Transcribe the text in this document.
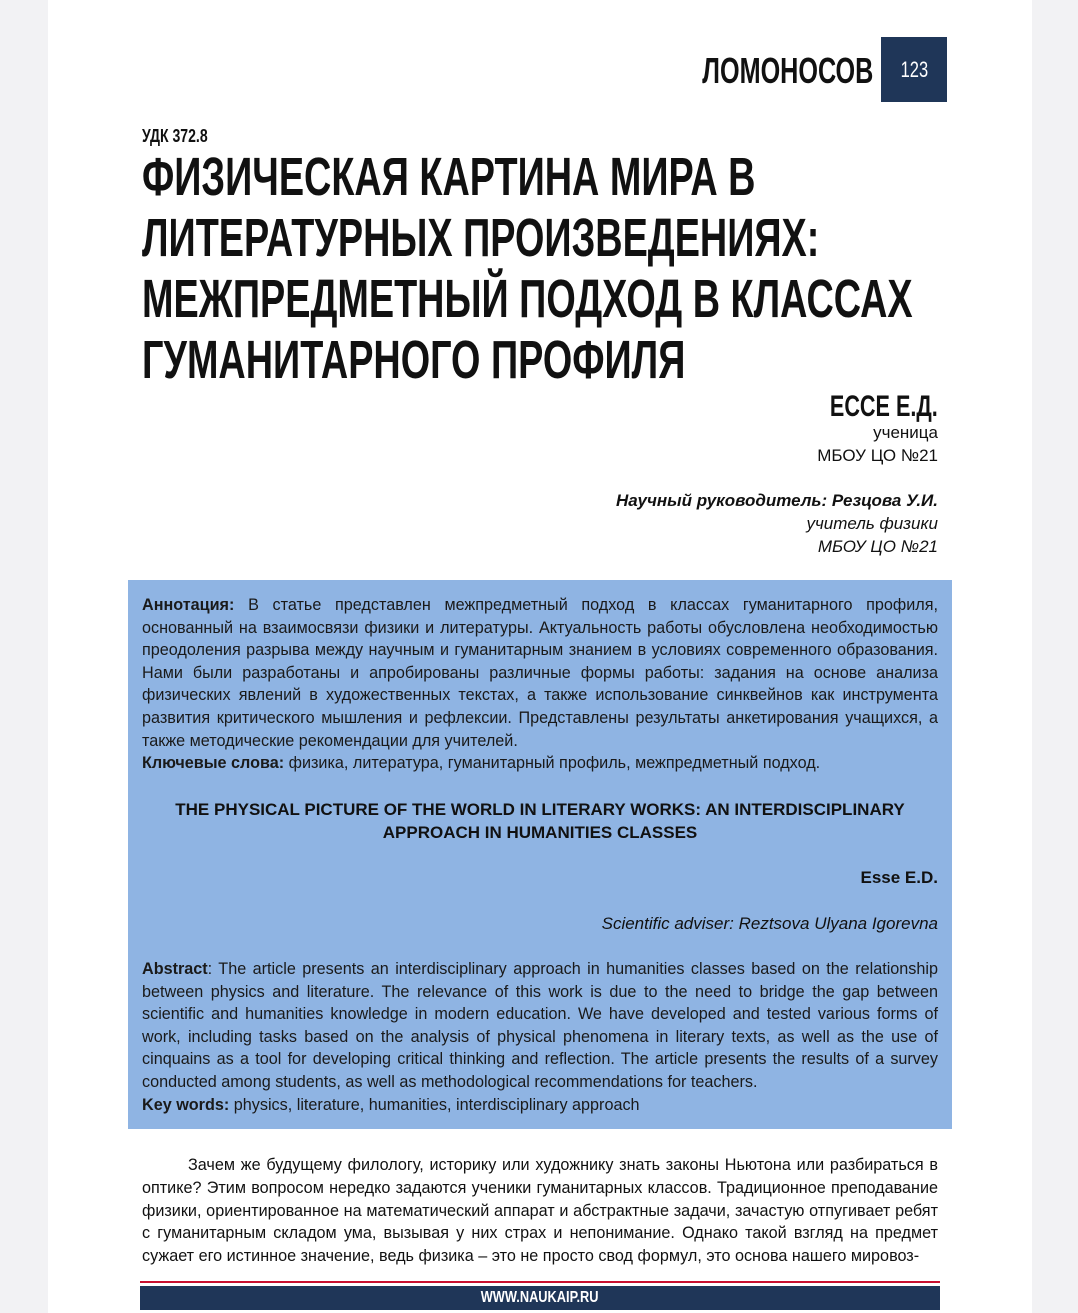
ЛОМОНОСОВ 123
УДК 372.8
ФИЗИЧЕСКАЯ КАРТИНА МИРА В
ЛИТЕРАТУРНЫХ ПРОИЗВЕДЕНИЯХ:
МЕЖПРЕДМЕТНЫЙ ПОДХОД В КЛАССАХ
ГУМАНИТАРНОГО ПРОФИЛЯ
ЕССЕ Е.Д.
ученица
МБОУ ЦО №21
Научный руководитель: Резцова У.И.
учитель физики
МБОУ ЦО №21
Аннотация: В статье представлен межпредметный подход в классах гуманитарного профиля, основанный на взаимосвязи физики и литературы. Актуальность работы обусловлена необходимостью преодоления разрыва между научным и гуманитарным знанием в условиях современного образования. Нами были разработаны и апробированы различные формы работы: задания на основе анализа физических явлений в художественных текстах, а также использование синквейнов как инструмента развития критического мышления и рефлексии. Представлены результаты анкетирования учащихся, а также методические рекомендации для учителей.
Ключевые слова: физика, литература, гуманитарный профиль, межпредметный подход.
THE PHYSICAL PICTURE OF THE WORLD IN LITERARY WORKS: AN INTERDISCIPLINARY
APPROACH IN HUMANITIES CLASSES
Esse E.D.
Scientific adviser: Reztsova Ulyana Igorevna
Abstract: The article presents an interdisciplinary approach in humanities classes based on the relationship between physics and literature. The relevance of this work is due to the need to bridge the gap between scientific and humanities knowledge in modern education. We have developed and tested various forms of work, including tasks based on the analysis of physical phenomena in literary texts, as well as the use of cinquains as a tool for developing critical thinking and reflection. The article presents the results of a survey conducted among students, as well as methodological recommendations for teachers.
Key words: physics, literature, humanities, interdisciplinary approach

Зачем же будущему филологу, историку или художнику знать законы Ньютона или разбираться в оптике? Этим вопросом нередко задаются ученики гуманитарных классов. Традиционное преподавание физики, ориентированное на математический аппарат и абстрактные задачи, зачастую отпугивает ребят с гуманитарным складом ума, вызывая у них страх и непонимание. Однако такой взгляд на предмет сужает его истинное значение, ведь физика – это не просто свод формул, это основа нашего мировоз-

WWW.NAUKAIP.RU
